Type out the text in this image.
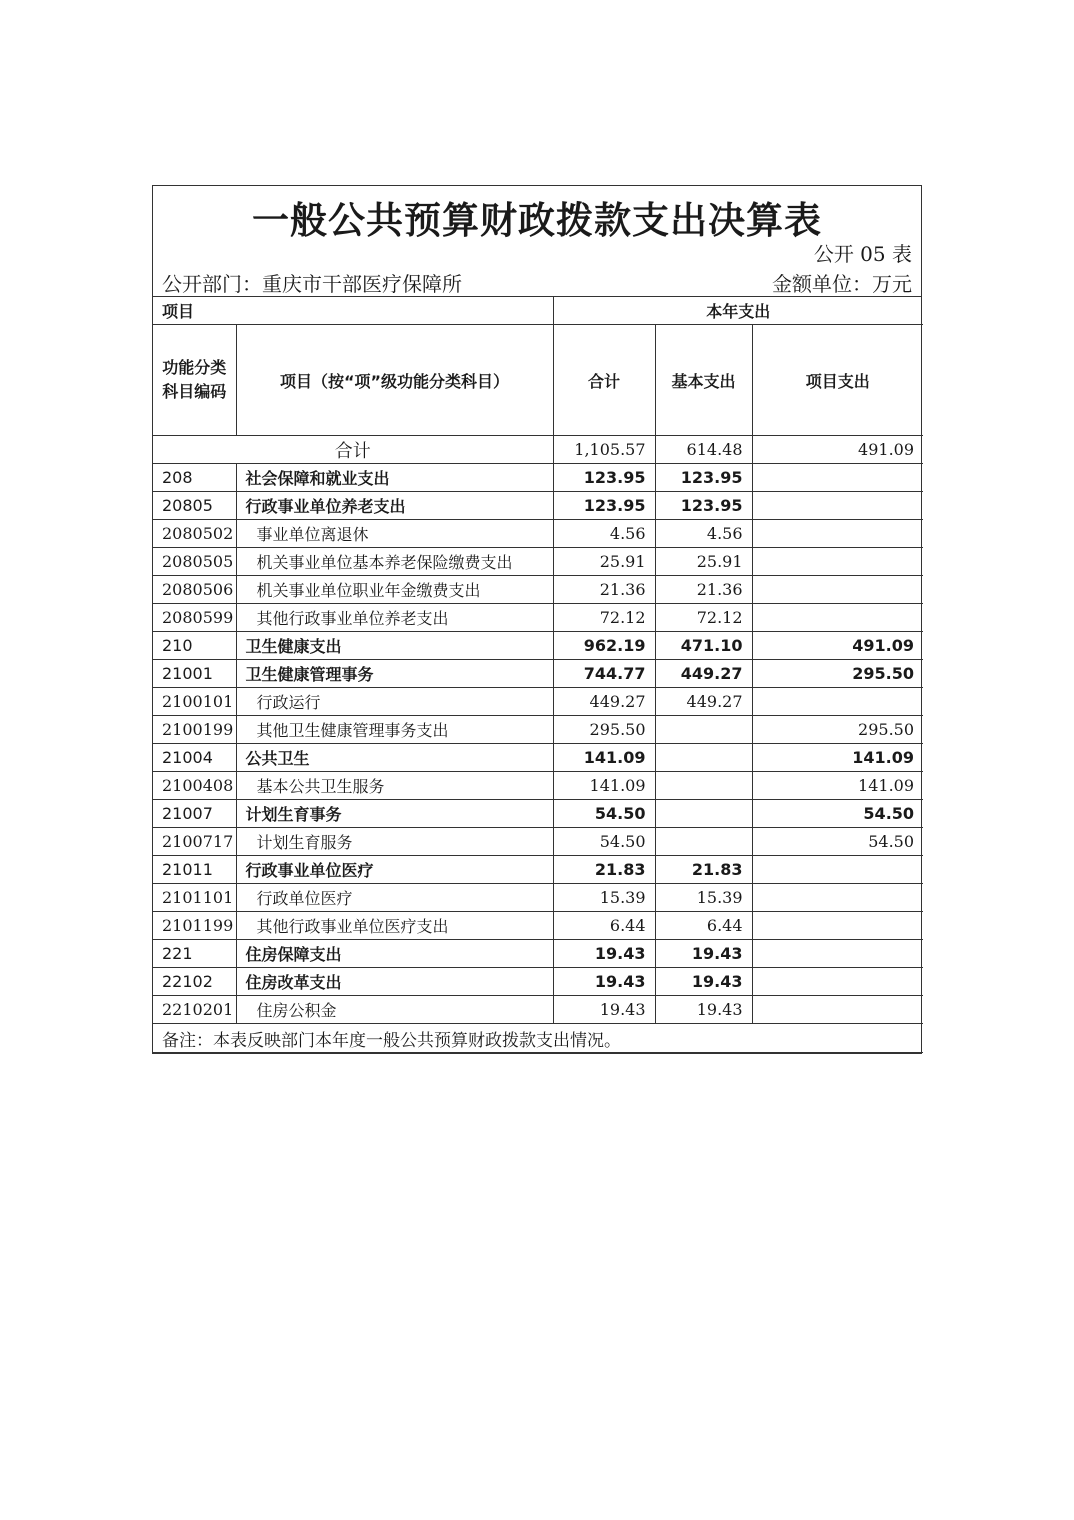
一般公共预算财政拨款支出决算表
公开 05 表
公开部门：重庆市干部医疗保障所	金额单位：万元
项目		本年支出		
功能分类科目编码	项目（按“项”级功能分类科目）	合计	基本支出	项目支出
合计		1,105.57	614.48	491.09
208	社会保障和就业支出	123.95	123.95	
20805	行政事业单位养老支出	123.95	123.95	
2080502	事业单位离退休	4.56	4.56	
2080505	机关事业单位基本养老保险缴费支出	25.91	25.91	
2080506	机关事业单位职业年金缴费支出	21.36	21.36	
2080599	其他行政事业单位养老支出	72.12	72.12	
210	卫生健康支出	962.19	471.10	491.09
21001	卫生健康管理事务	744.77	449.27	295.50
2100101	行政运行	449.27	449.27	
2100199	其他卫生健康管理事务支出	295.50		295.50
21004	公共卫生	141.09		141.09
2100408	基本公共卫生服务	141.09		141.09
21007	计划生育事务	54.50		54.50
2100717	计划生育服务	54.50		54.50
21011	行政事业单位医疗	21.83	21.83	
2101101	行政单位医疗	15.39	15.39	
2101199	其他行政事业单位医疗支出	6.44	6.44	
221	住房保障支出	19.43	19.43	
22102	住房改革支出	19.43	19.43	
2210201	住房公积金	19.43	19.43	
备注：本表反映部门本年度一般公共预算财政拨款支出情况。				
